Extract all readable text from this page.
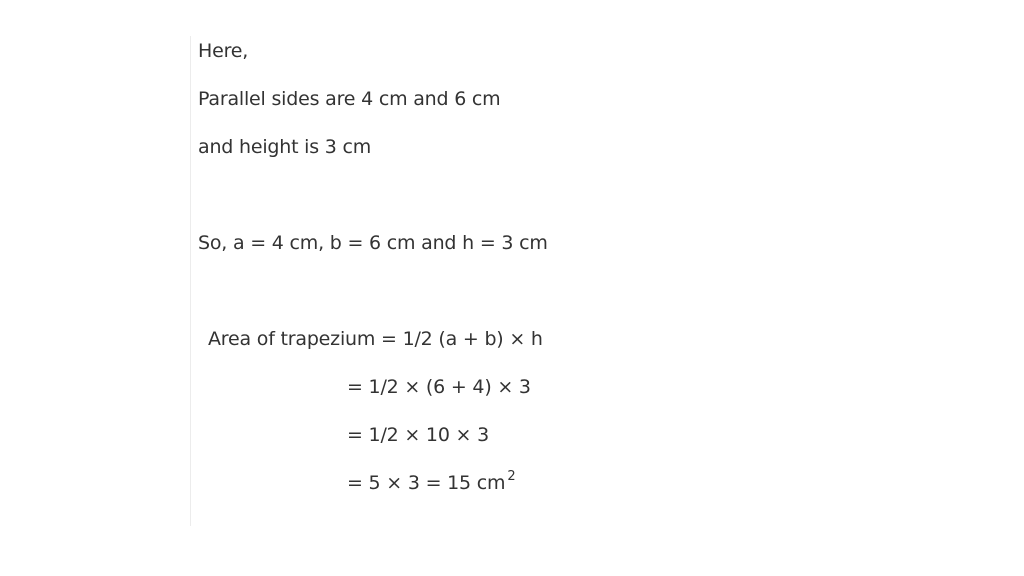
Here,
Parallel sides are 4 cm and 6 cm
and height is 3 cm
So, a = 4 cm, b = 6 cm and h = 3 cm
Area of trapezium = 1/2 (a + b) × h
= 1/2 × (6 + 4) × 3
= 1/2 × 10 × 3
= 5 × 3 = 15 cm $^2$
